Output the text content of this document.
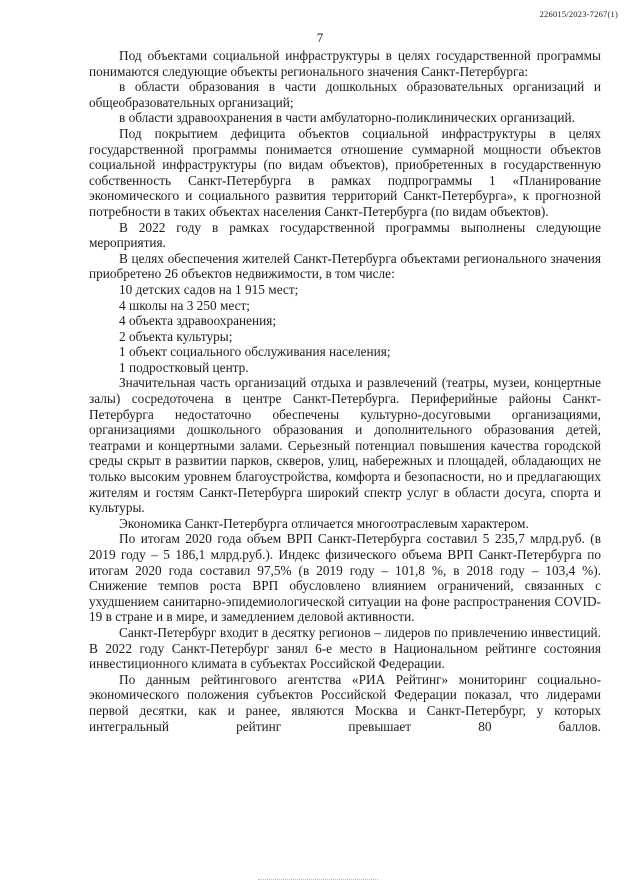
226015/2023-7267(1)
7

Под объектами социальной инфраструктуры в целях государственной программы понимаются следующие объекты регионального значения Санкт-Петербурга:

в области образования в части дошкольных образовательных организаций и общеобразовательных организаций;

в области здравоохранения в части амбулаторно-поликлинических организаций.

Под покрытием дефицита объектов социальной инфраструктуры в целях государственной программы понимается отношение суммарной мощности объектов социальной инфраструктуры (по видам объектов), приобретенных в государственную собственность Санкт-Петербурга в рамках подпрограммы 1 «Планирование экономического и социального развития территорий Санкт-Петербурга», к прогнозной потребности в таких объектах населения Санкт-Петербурга (по видам объектов).

В 2022 году в рамках государственной программы выполнены следующие мероприятия.

В целях обеспечения жителей Санкт-Петербурга объектами регионального значения приобретено 26 объектов недвижимости, в том числе:

10 детских садов на 1 915 мест;

4 школы на 3 250 мест;

4 объекта здравоохранения;

2 объекта культуры;

1 объект социального обслуживания населения;

1 подростковый центр.

Значительная часть организаций отдыха и развлечений (театры, музеи, концертные залы) сосредоточена в центре Санкт-Петербурга. Периферийные районы Санкт-Петербурга недостаточно обеспечены культурно-досуговыми организациями, организациями дошкольного образования и дополнительного образования детей, театрами и концертными залами. Серьезный потенциал повышения качества городской среды скрыт в развитии парков, скверов, улиц, набережных и площадей, обладающих не только высоким уровнем благоустройства, комфорта и безопасности, но и предлагающих жителям и гостям Санкт-Петербурга широкий спектр услуг в области досуга, спорта и культуры.

Экономика Санкт-Петербурга отличается многоотраслевым характером.

По итогам 2020 года объем ВРП Санкт-Петербурга составил 5 235,7 млрд.руб. (в 2019 году – 5 186,1 млрд.руб.). Индекс физического объема ВРП Санкт-Петербурга по итогам 2020 года составил 97,5% (в 2019 году – 101,8 %, в 2018 году – 103,4 %). Снижение темпов роста ВРП обусловлено влиянием ограничений, связанных с ухудшением санитарно-эпидемиологической ситуации на фоне распространения COVID-19 в стране и в мире, и замедлением деловой активности.

Санкт-Петербург входит в десятку регионов – лидеров по привлечению инвестиций. В 2022 году Санкт-Петербург занял 6-е место в Национальном рейтинге состояния инвестиционного климата в субъектах Российской Федерации.

По данным рейтингового агентства «РИА Рейтинг» мониторинг социально-экономического положения субъектов Российской Федерации показал, что лидерами первой десятки, как и ранее, являются Москва и Санкт-Петербург, у которых интегральный рейтинг превышает 80 баллов.
